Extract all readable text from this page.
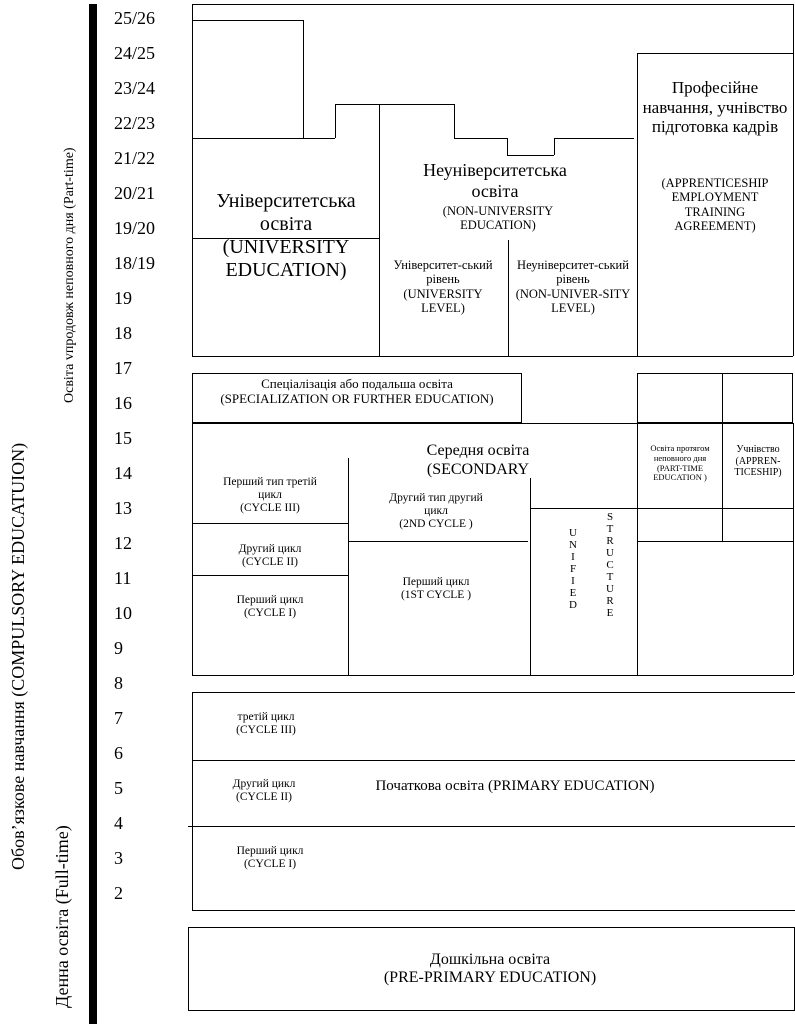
Обов’язкове навчання (COMPULSORY EDUCATUION)
Денна освіта (Full-time)
Освіта vпродовж неповного дня (Part-time)
25/26
24/25
23/24
22/23
21/22
20/21
19/20
18/19
19
18
17
16
15
14
13
12
11
10
9
8
7
6
5
4
3
2
Університетська освіта
(UNIVERSITY EDUCATION)
Неуніверситетська освіта
(NON-UNIVERSITY EDUCATION)
Університет-ський рівень
(UNIVERSITY LEVEL)
Неуніверситет-ський рівень
(NON-UNIVER-SITY LEVEL)
Професійне навчання, учнівство підготовка кадрів
(APPRENTICESHIP EMPLOYMENT TRAINING AGREEMENT)
Спеціалізація або подальша освіта
(SPECIALIZATION OR FURTHER EDUCATION)
Середня освіта
(SECONDARY
Перший тип третій цикл
(CYCLE III)
Другий цикл
(CYCLE II)
Перший цикл
(CYCLE I)
Другий тип другий цикл
(2ND CYCLE )
Перший цикл
(1ST CYCLE )
U
N
I
F
I
E
D
S
T
R
U
C
T
U
R
E
Освіта протягом неповного дня
(PART-TIME EDUCATION )
Учнівство
(APPREN-TICESHIP)
третій цикл
(CYCLE III)
Другий цикл
(CYCLE II)
Перший цикл
(CYCLE I)
Початкова освіта (PRIMARY EDUCATION)
Дошкільна освіта
(PRE-PRIMARY EDUCATION)
